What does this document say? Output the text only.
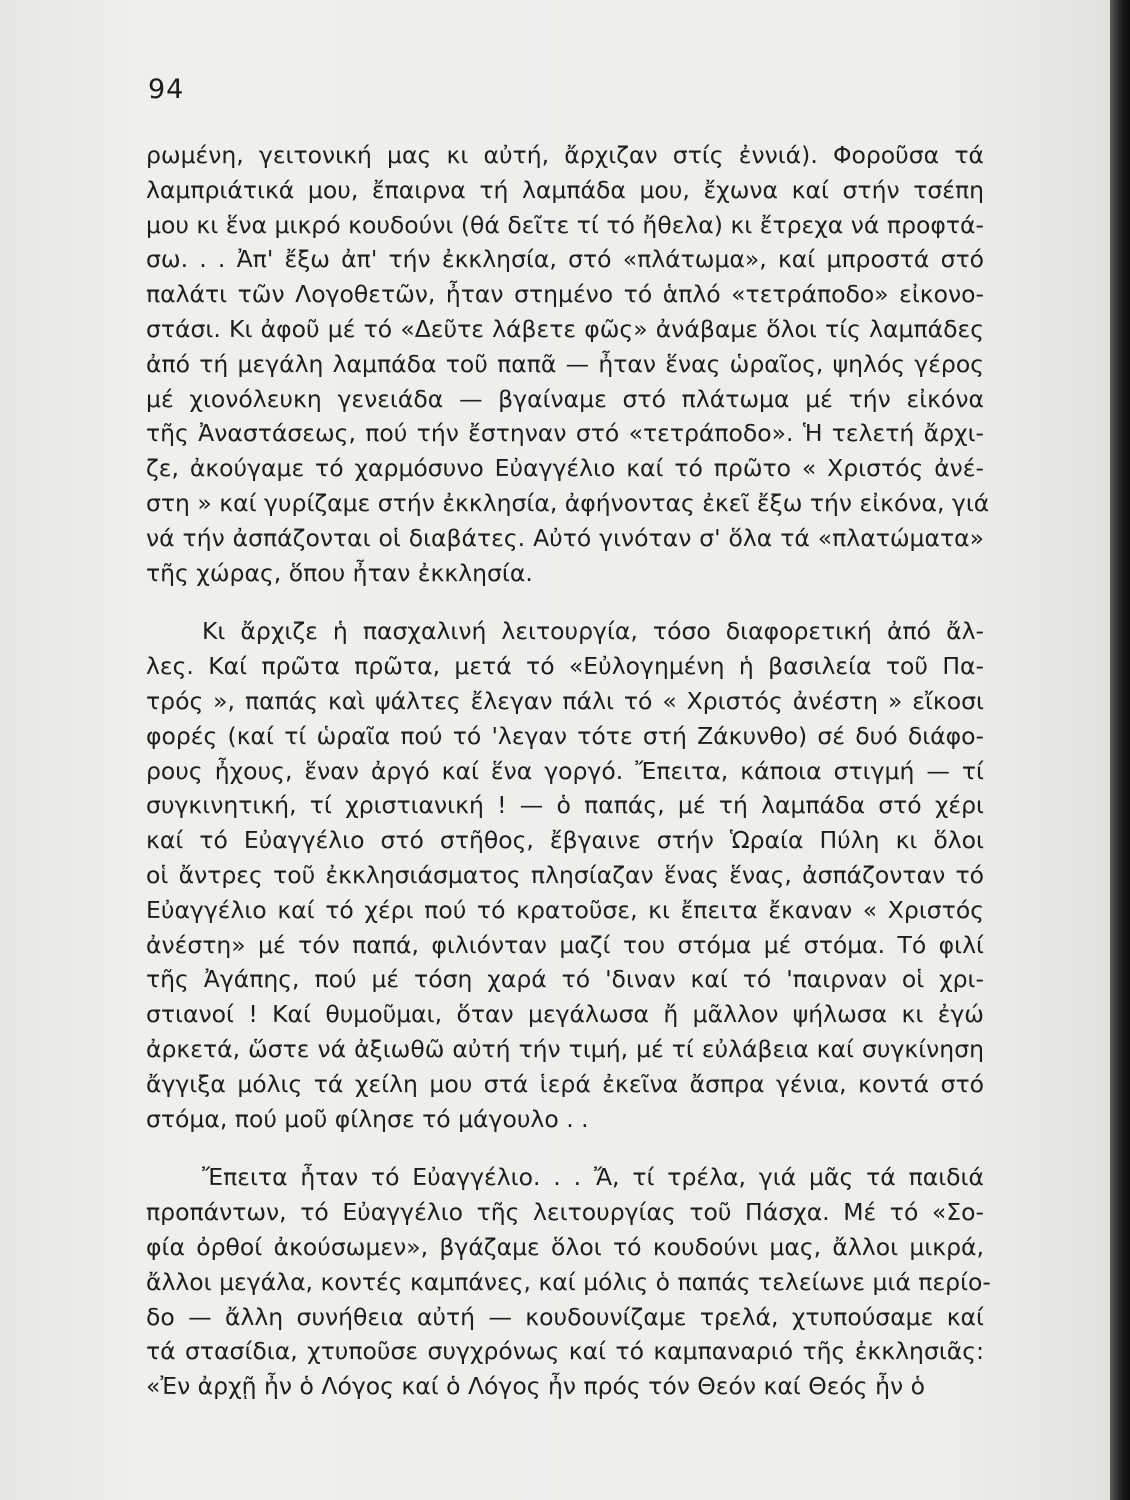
94
ρωμένη, γειτονική μας κι αὐτή, ἄρχιζαν στίς ἐννιά). Φοροῦσα τά
λαμπριάτικά μου, ἔπαιρνα τή λαμπάδα μου, ἔχωνα καί στήν τσέπη
μου κι ἕνα μικρό κουδούνι (θά δεῖτε τί τό ἤθελα) κι ἔτρεχα νά προφτά-
σω. . . Ἀπ' ἔξω ἀπ' τήν ἐκκλησία, στό «πλάτωμα», καί μπροστά στό
παλάτι τῶν Λογοθετῶν, ἦταν στημένο τό ἁπλό «τετράποδο» εἰκονο-
στάσι. Κι ἀφοῦ μέ τό «Δεῦτε λάβετε φῶς» ἀνάβαμε ὅλοι τίς λαμπάδες
ἀπό τή μεγάλη λαμπάδα τοῦ παπᾶ — ἦταν ἕνας ὡραῖος, ψηλός γέρος
μέ χιονόλευκη γενειάδα — βγαίναμε στό πλάτωμα μέ τήν εἰκόνα
τῆς Ἀναστάσεως, πού τήν ἔστηναν στό «τετράποδο». Ἡ τελετή ἄρχι-
ζε, ἀκούγαμε τό χαρμόσυνο Εὐαγγέλιο καί τό πρῶτο « Χριστός ἀνέ-
στη » καί γυρίζαμε στήν ἐκκλησία, ἀφήνοντας ἐκεῖ ἔξω τήν εἰκόνα, γιά
νά τήν ἀσπάζονται οἱ διαβάτες. Αὐτό γινόταν σ' ὅλα τά «πλατώματα»
τῆς χώρας, ὅπου ἦταν ἐκκλησία.
Κι ἄρχιζε ἡ πασχαλινή λειτουργία, τόσο διαφορετική ἀπό ἄλ-
λες. Καί πρῶτα πρῶτα, μετά τό «Εὐλογημένη ἡ βασιλεία τοῦ Πα-
τρός », παπάς καὶ ψάλτες ἔλεγαν πάλι τό « Χριστός ἀνέστη » εἴκοσι
φορές (καί τί ὡραῖα πού τό 'λεγαν τότε στή Ζάκυνθο) σέ δυό διάφο-
ρους ἦχους, ἕναν ἀργό καί ἕνα γοργό. Ἔπειτα, κάποια στιγμή — τί
συγκινητική, τί χριστιανική ! — ὁ παπάς, μέ τή λαμπάδα στό χέρι
καί τό Εὐαγγέλιο στό στῆθος, ἔβγαινε στήν Ὡραία Πύλη κι ὅλοι
οἱ ἄντρες τοῦ ἐκκλησιάσματος πλησίαζαν ἕνας ἕνας, ἀσπάζονταν τό
Εὐαγγέλιο καί τό χέρι πού τό κρατοῦσε, κι ἔπειτα ἔκαναν « Χριστός
ἀνέστη» μέ τόν παπά, φιλιόνταν μαζί του στόμα μέ στόμα. Τό φιλί
τῆς Ἀγάπης, πού μέ τόση χαρά τό 'διναν καί τό 'παιρναν οἱ χρι-
στιανοί ! Καί θυμοῦμαι, ὅταν μεγάλωσα ἤ μᾶλλον ψήλωσα κι ἐγώ
ἀρκετά, ὥστε νά ἀξιωθῶ αὐτή τήν τιμή, μέ τί εὐλάβεια καί συγκίνηση
ἄγγιξα μόλις τά χείλη μου στά ἱερά ἐκεῖνα ἄσπρα γένια, κοντά στό
στόμα, πού μοῦ φίλησε τό μάγουλο . .
Ἔπειτα ἦταν τό Εὐαγγέλιο. . . Ἄ, τί τρέλα, γιά μᾶς τά παιδιά
προπάντων, τό Εὐαγγέλιο τῆς λειτουργίας τοῦ Πάσχα. Μέ τό «Σο-
φία ὀρθοί ἀκούσωμεν», βγάζαμε ὅλοι τό κουδούνι μας, ἄλλοι μικρά,
ἄλλοι μεγάλα, κοντές καμπάνες, καί μόλις ὁ παπάς τελείωνε μιά περίο-
δο — ἄλλη συνήθεια αὐτή — κουδουνίζαμε τρελά, χτυπούσαμε καί
τά στασίδια, χτυποῦσε συγχρόνως καί τό καμπαναριό τῆς ἐκκλησιᾶς:
«Ἐν ἀρχῇ ἦν ὁ Λόγος καί ὁ Λόγος ἦν πρός τόν Θεόν καί Θεός ἦν ὁ
